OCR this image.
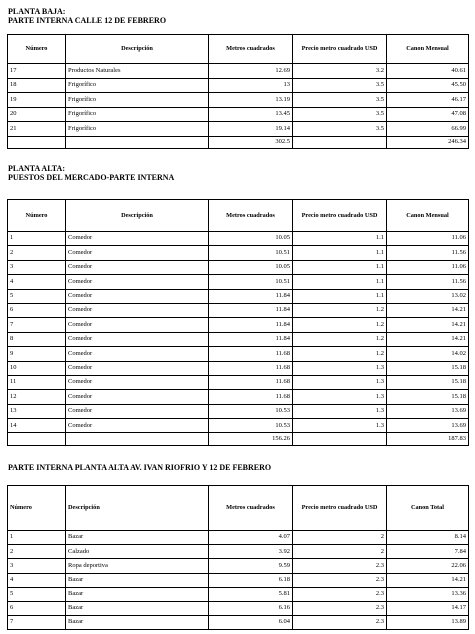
PLANTA BAJA:
PARTE INTERNA CALLE 12 DE FEBRERO
Número	Descripción	Metros cuadrados	Precio metro cuadrado USD	Canon Mensual
17	Productos Naturales	12.69	3.2	40.61
18	Frigorífico	13	3.5	45.50
19	Frigorífico	13.19	3.5	46.17
20	Frigorífico	13.45	3.5	47.08
21	Frigorífico	19.14	3.5	66.99
		302.5		246.34
PLANTA ALTA:
PUESTOS DEL MERCADO-PARTE INTERNA
Número	Descripción	Metros cuadrados	Precio metro cuadrado USD	Canon Mensual
1	Comedor	10.05	1.1	11.06
2	Comedor	10.51	1.1	11.56
3	Comedor	10.05	1.1	11.06
4	Comedor	10.51	1.1	11.56
5	Comedor	11.84	1.1	13.02
6	Comedor	11.84	1.2	14.21
7	Comedor	11.84	1.2	14.21
8	Comedor	11.84	1.2	14.21
9	Comedor	11.68	1.2	14.02
10	Comedor	11.68	1.3	15.18
11	Comedor	11.68	1.3	15.18
12	Comedor	11.68	1.3	15.18
13	Comedor	10.53	1.3	13.69
14	Comedor	10.53	1.3	13.69
		156.26		187.83
PARTE INTERNA PLANTA ALTA AV. IVAN RIOFRIO Y 12 DE FEBRERO
Número	Descripción	Metros cuadrados	Precio metro cuadrado USD	Canon Total
1	Bazar	4.07	2	8.14
2	Calzado	3.92	2	7.84
3	Ropa deportiva	9.59	2.3	22.06
4	Bazar	6.18	2.3	14.21
5	Bazar	5.81	2.3	13.36
6	Bazar	6.16	2.3	14.17
7	Bazar	6.04	2.3	13.89
